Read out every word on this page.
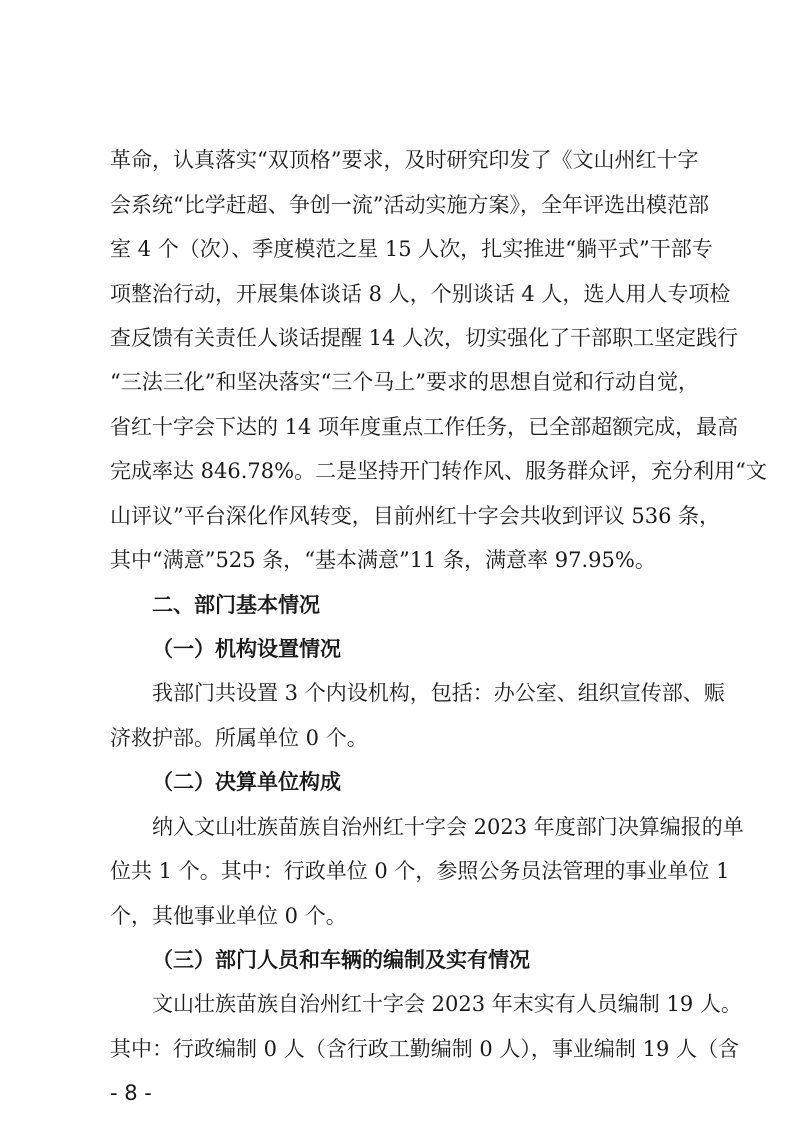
革命，认真落实“双顶格”要求，及时研究印发了《文山州红十字
会系统“比学赶超、争创一流”活动实施方案》，全年评选出模范部
室 4 个（次）、季度模范之星 15 人次，扎实推进“躺平式”干部专
项整治行动，开展集体谈话 8 人，个别谈话 4 人，选人用人专项检
查反馈有关责任人谈话提醒 14 人次，切实强化了干部职工坚定践行
“三法三化”和坚决落实“三个马上”要求的思想自觉和行动自觉，
省红十字会下达的 14 项年度重点工作任务，已全部超额完成，最高
完成率达 846.78%。二是坚持开门转作风、服务群众评，充分利用“文
山评议”平台深化作风转变，目前州红十字会共收到评议 536 条，
其中“满意”525 条，“基本满意”11 条，满意率 97.95%。
二、部门基本情况
（一）机构设置情况
我部门共设置 3 个内设机构，包括：办公室、组织宣传部、赈
济救护部。所属单位 0 个。
（二）决算单位构成
纳入文山壮族苗族自治州红十字会 2023 年度部门决算编报的单
位共 1 个。其中：行政单位 0 个，参照公务员法管理的事业单位 1
个，其他事业单位 0 个。
（三）部门人员和车辆的编制及实有情况
文山壮族苗族自治州红十字会 2023 年末实有人员编制 19 人。
其中：行政编制 0 人（含行政工勤编制 0 人），事业编制 19 人（含
- 8 -
